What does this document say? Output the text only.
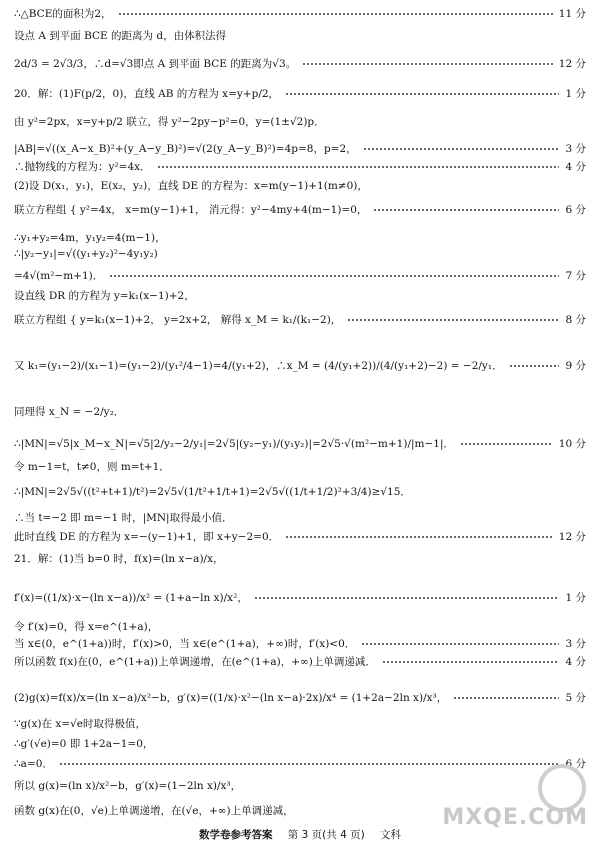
∴△BCE的面积为2，	11 分
设点 A 到平面 BCE 的距离为 d，由体积法得
2d/3 = 2√3/3，∴d=√3即点 A 到平面 BCE 的距离为√3。	12 分
20．解：(1)F(p/2，0)，直线 AB 的方程为 x=y+p/2，	1 分
由 y²=2px，x=y+p/2 联立，得 y²−2py−p²=0，y=(1±√2)p．
|AB|=√((x_A−x_B)²+(y_A−y_B)²)=√(2(y_A−y_B)²)=4p=8，p=2，	3 分
∴抛物线的方程为：y²=4x．	4 分
(2)设 D(x₁，y₁)，E(x₂，y₂)，直线 DE 的方程为：x=m(y−1)+1(m≠0)，
联立方程组 { y²=4x， x=m(y−1)+1， 消元得：y²−4my+4(m−1)=0，	6 分
∴y₁+y₂=4m，y₁y₂=4(m−1)，
∴|y₂−y₁|=√((y₁+y₂)²−4y₁y₂)
=4√(m²−m+1)．	7 分
设直线 DR 的方程为 y=k₁(x−1)+2，
联立方程组 { y=k₁(x−1)+2， y=2x+2， 解得 x_M = k₁/(k₁−2)，	8 分
又 k₁=(y₁−2)/(x₁−1)=(y₁−2)/(y₁²/4−1)=4/(y₁+2)，∴x_M = (4/(y₁+2))/(4/(y₁+2)−2) = −2/y₁．	9 分
同理得 x_N = −2/y₂．
∴|MN|=√5|x_M−x_N|=√5|2/y₂−2/y₁|=2√5|(y₂−y₁)/(y₁y₂)|=2√5·√(m²−m+1)/|m−1|．	10 分
令 m−1=t，t≠0，则 m=t+1．
∴|MN|=2√5√((t²+t+1)/t²)=2√5√(1/t²+1/t+1)=2√5√((1/t+1/2)²+3/4)≥√15．
∴当 t=−2 即 m=−1 时，|MN|取得最小值．
此时直线 DE 的方程为 x=−(y−1)+1，即 x+y−2=0．	12 分
21．解：(1)当 b=0 时，f(x)=(ln x−a)/x，
f′(x)=((1/x)·x−(ln x−a))/x² = (1+a−ln x)/x²，	1 分
令 f′(x)=0，得 x=e^(1+a)，
当 x∈(0，e^(1+a))时，f′(x)>0，当 x∈(e^(1+a)，+∞)时，f′(x)<0．	3 分
所以函数 f(x)在(0，e^(1+a))上单调递增，在(e^(1+a)，+∞)上单调递减．	4 分
(2)g(x)=f(x)/x=(ln x−a)/x²−b，g′(x)=((1/x)·x²−(ln x−a)·2x)/x⁴ = (1+2a−2ln x)/x³，	5 分
∵g(x)在 x=√e时取得极值，
∴g′(√e)=0 即 1+2a−1=0，
∴a=0．	6 分
所以 g(x)=(ln x)/x²−b，g′(x)=(1−2ln x)/x³，
函数 g(x)在(0，√e)上单调递增，在(√e，+∞)上单调递减，
数学卷参考答案 第 3 页(共 4 页) 文科
MXQE.COM
